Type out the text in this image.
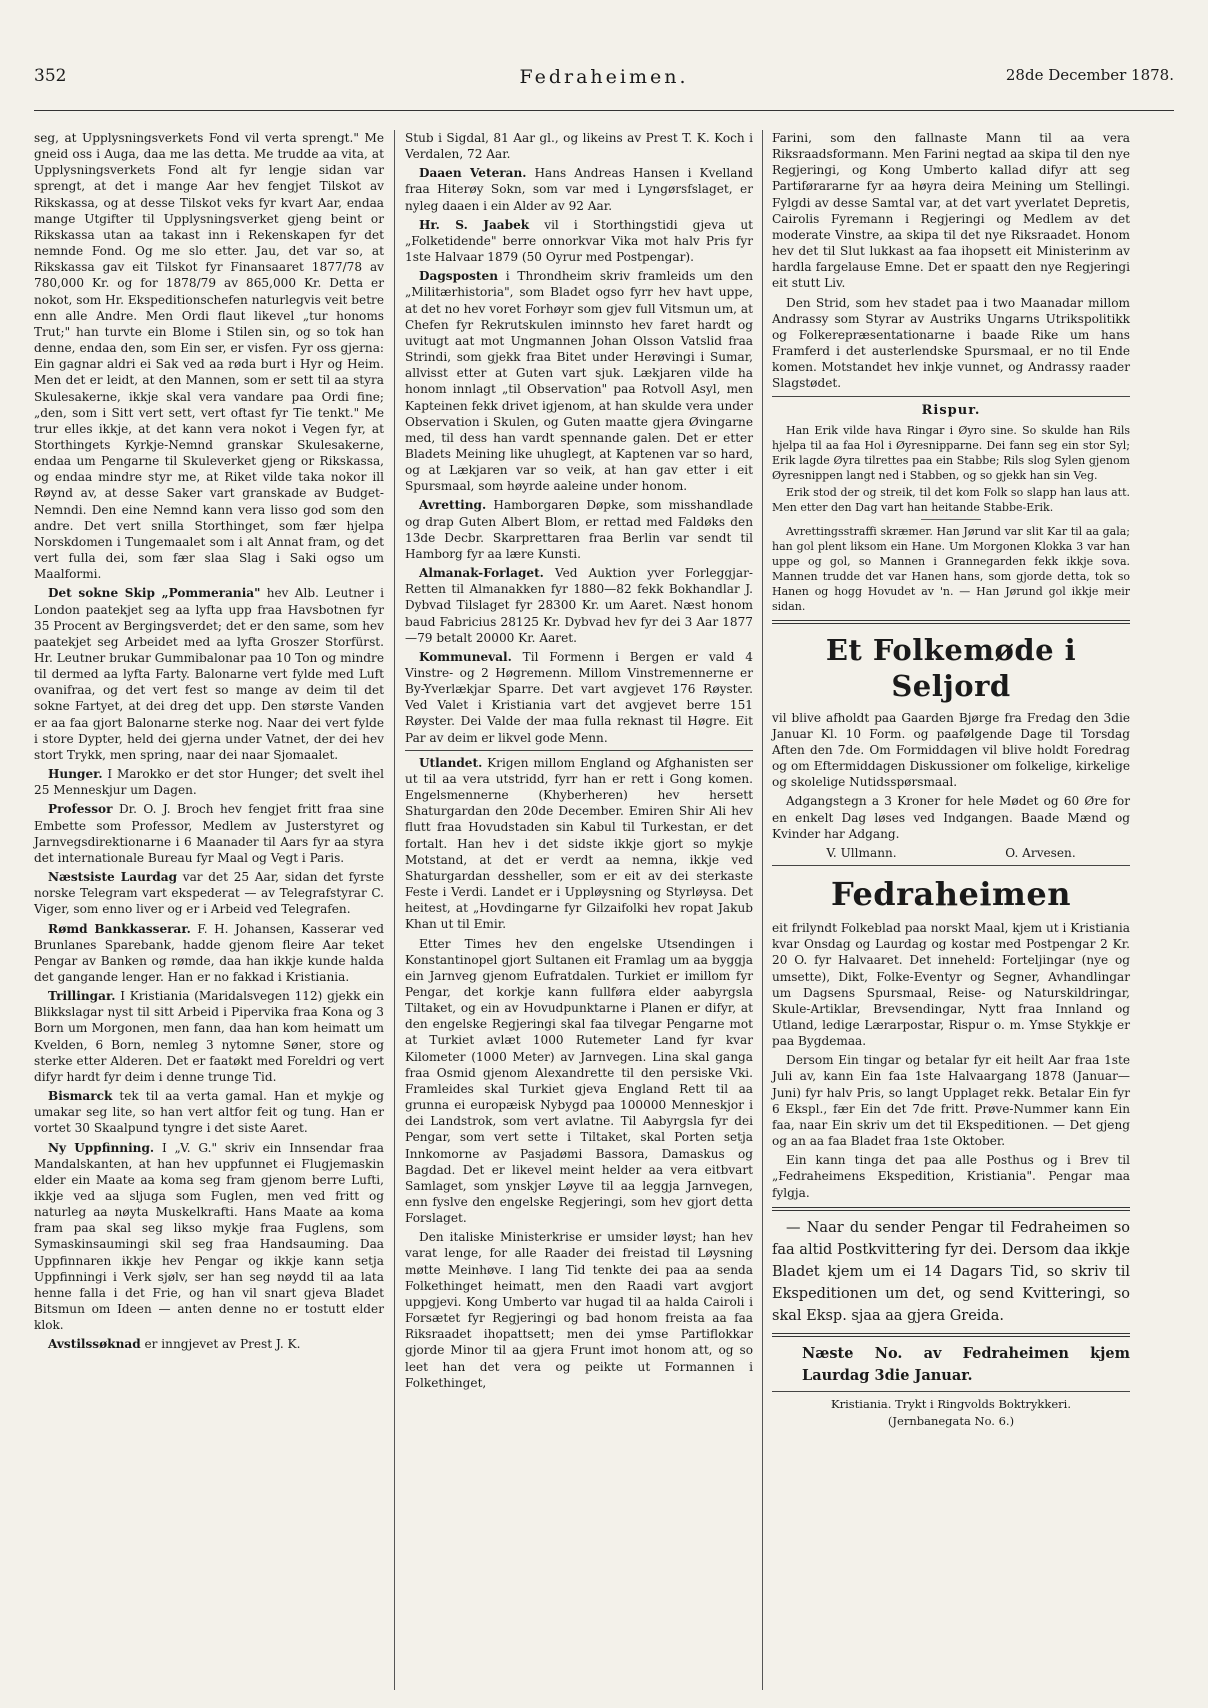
352	Fedraheimen.	28de December 1878.

seg, at Upplysningsverkets Fond vil verta sprengt." Me gneid oss i Auga, daa me las detta. Me trudde aa vita, at Upplysningsverkets Fond alt fyr lengje sidan var sprengt, at det i mange Aar hev fengjet Tilskot av Rikskassa, og at desse Tilskot veks fyr kvart Aar, endaa mange Utgifter til Upplysningsverket gjeng beint or Rikskassa utan aa takast inn i Rekenskapen fyr det nemnde Fond. Og me slo etter. Jau, det var so, at Rikskassa gav eit Tilskot fyr Finansaaret 1877/78 av 780,000 Kr. og for 1878/79 av 865,000 Kr. Detta er nokot, som Hr. Ekspeditionschefen naturlegvis veit betre enn alle Andre. Men Ordi flaut likevel „tur honoms Trut;" han turvte ein Blome i Stilen sin, og so tok han denne, endaa den, som Ein ser, er visfen. Fyr oss gjerna: Ein gagnar aldri ei Sak ved aa røda burt i Hyr og Heim. Men det er leidt, at den Mannen, som er sett til aa styra Skulesakerne, ikkje skal vera vandare paa Ordi fine; „den, som i Sitt vert sett, vert oftast fyr Tie tenkt." Me trur elles ikkje, at det kann vera nokot i Vegen fyr, at Storthingets Kyrkje-Nemnd granskar Skulesakerne, endaa um Pengarne til Skuleverket gjeng or Rikskassa, og endaa mindre styr me, at Riket vilde taka nokor ill Røynd av, at desse Saker vart granskade av Budget-Nemndi. Den eine Nemnd kann vera lisso god som den andre. Det vert snilla Storthinget, som fær hjelpa Norskdomen i Tungemaalet som i alt Annat fram, og det vert fulla dei, som fær slaa Slag i Saki ogso um Maalformi.

Det sokne Skip „Pommerania" hev Alb. Leutner i London paatekjet seg aa lyfta upp fraa Havsbotnen fyr 35 Procent av Bergingsverdet; det er den same, som hev paatekjet seg Arbeidet med aa lyfta Groszer Storfürst. Hr. Leutner brukar Gummibalonar paa 10 Ton og mindre til dermed aa lyfta Farty. Balonarne vert fylde med Luft ovanifraa, og det vert fest so mange av deim til det sokne Fartyet, at dei dreg det upp. Den største Vanden er aa faa gjort Balonarne sterke nog. Naar dei vert fylde i store Dypter, held dei gjerna under Vatnet, der dei hev stort Trykk, men spring, naar dei naar Sjomaalet.

Hunger. I Marokko er det stor Hunger; det svelt ihel 25 Menneskjur um Dagen.

Professor Dr. O. J. Broch hev fengjet fritt fraa sine Embette som Professor, Medlem av Justerstyret og Jarnvegsdirektionarne i 6 Maanader til Aars fyr aa styra det internationale Bureau fyr Maal og Vegt i Paris.

Næstsiste Laurdag var det 25 Aar, sidan det fyrste norske Telegram vart ekspederat — av Telegrafstyrar C. Viger, som enno liver og er i Arbeid ved Telegrafen.

Rømd Bankkasserar. F. H. Johansen, Kasserar ved Brunlanes Sparebank, hadde gjenom fleire Aar teket Pengar av Banken og rømde, daa han ikkje kunde halda det gangande lenger. Han er no fakkad i Kristiania.

Trillingar. I Kristiania (Maridalsvegen 112) gjekk ein Blikkslagar nyst til sitt Arbeid i Pipervika fraa Kona og 3 Born um Morgonen, men fann, daa han kom heimatt um Kvelden, 6 Born, nemleg 3 nytomne Søner, store og sterke etter Alderen. Det er faatøkt med Foreldri og vert difyr hardt fyr deim i denne trunge Tid.

Bismarck tek til aa verta gamal. Han et mykje og umakar seg lite, so han vert altfor feit og tung. Han er vortet 30 Skaalpund tyngre i det siste Aaret.

Ny Uppfinning. I „V. G." skriv ein Innsendar fraa Mandalskanten, at han hev uppfunnet ei Flugjemaskin elder ein Maate aa koma seg fram gjenom berre Lufti, ikkje ved aa sljuga som Fuglen, men ved fritt og naturleg aa nøyta Muskelkrafti. Hans Maate aa koma fram paa skal seg likso mykje fraa Fuglens, som Symaskinsaumingi skil seg fraa Handsauming. Daa Uppfinnaren ikkje hev Pengar og ikkje kann setja Uppfinningi i Verk sjølv, ser han seg nøydd til aa lata henne falla i det Frie, og han vil snart gjeva Bladet Bitsmun om Ideen — anten denne no er tostutt elder klok.

Avstilssøknad er inngjevet av Prest J. K.

Stub i Sigdal, 81 Aar gl., og likeins av Prest T. K. Koch i Verdalen, 72 Aar.

Daaen Veteran. Hans Andreas Hansen i Kvelland fraa Hiterøy Sokn, som var med i Lyngørsfslaget, er nyleg daaen i ein Alder av 92 Aar.

Hr. S. Jaabek vil i Storthingstidi gjeva ut „Folketidende" berre onnorkvar Vika mot halv Pris fyr 1ste Halvaar 1879 (50 Oyrur med Postpengar).

Dagsposten i Throndheim skriv framleids um den „Militærhistoria", som Bladet ogso fyrr hev havt uppe, at det no hev voret Forhøyr som gjev full Vitsmun um, at Chefen fyr Rekrutskulen iminnsto hev faret hardt og uvitugt aat mot Ungmannen Johan Olsson Vatslid fraa Strindi, som gjekk fraa Bitet under Herøvingi i Sumar, allvisst etter at Guten vart sjuk. Lækjaren vilde ha honom innlagt „til Observation" paa Rotvoll Asyl, men Kapteinen fekk drivet igjenom, at han skulde vera under Observation i Skulen, og Guten maatte gjera Øvingarne med, til dess han vardt spennande galen. Det er etter Bladets Meining like uhuglegt, at Kaptenen var so hard, og at Lækjaren var so veik, at han gav etter i eit Spursmaal, som høyrde aaleine under honom.

Avretting. Hamborgaren Døpke, som misshandlade og drap Guten Albert Blom, er rettad med Faldøks den 13de Decbr. Skarprettaren fraa Berlin var sendt til Hamborg fyr aa lære Kunsti.

Almanak-Forlaget. Ved Auktion yver Forleggjar-Retten til Almanakken fyr 1880—82 fekk Bokhandlar J. Dybvad Tilslaget fyr 28300 Kr. um Aaret. Næst honom baud Fabricius 28125 Kr. Dybvad hev fyr dei 3 Aar 1877—79 betalt 20000 Kr. Aaret.

Kommuneval. Til Formenn i Bergen er vald 4 Vinstre- og 2 Høgremenn. Millom Vinstremennerne er By-Yverlækjar Sparre. Det vart avgjevet 176 Røyster. Ved Valet i Kristiania vart det avgjevet berre 151 Røyster. Dei Valde der maa fulla reknast til Høgre. Eit Par av deim er likvel gode Menn.

Utlandet. Krigen millom England og Afghanisten ser ut til aa vera utstridd, fyrr han er rett i Gong komen. Engelsmennerne (Khyberheren) hev hersett Shaturgardan den 20de December. Emiren Shir Ali hev flutt fraa Hovudstaden sin Kabul til Turkestan, er det fortalt. Han hev i det sidste ikkje gjort so mykje Motstand, at det er verdt aa nemna, ikkje ved Shaturgardan dessheller, som er eit av dei sterkaste Feste i Verdi. Landet er i Uppløysning og Styrløysa. Det heitest, at „Hovdingarne fyr Gilzaifolki hev ropat Jakub Khan ut til Emir.

Etter Times hev den engelske Utsendingen i Konstantinopel gjort Sultanen eit Framlag um aa byggja ein Jarnveg gjenom Eufratdalen. Turkiet er imillom fyr Pengar, det korkje kann fullføra elder aabyrgsla Tiltaket, og ein av Hovudpunktarne i Planen er difyr, at den engelske Regjeringi skal faa tilvegar Pengarne mot at Turkiet avlæt 1000 Rutemeter Land fyr kvar Kilometer (1000 Meter) av Jarnvegen. Lina skal ganga fraa Osmid gjenom Alexandrette til den persiske Vki. Framleides skal Turkiet gjeva England Rett til aa grunna ei europæisk Nybygd paa 100000 Menneskjor i dei Landstrok, som vert avlatne. Til Aabyrgsla fyr dei Pengar, som vert sette i Tiltaket, skal Porten setja Innkomorne av Pasjadømi Bassora, Damaskus og Bagdad. Det er likevel meint helder aa vera eitbvart Samlaget, som ynskjer Løyve til aa leggja Jarnvegen, enn fyslve den engelske Regjeringi, som hev gjort detta Forslaget.

Den italiske Ministerkrise er umsider løyst; han hev varat lenge, for alle Raader dei freistad til Løysning møtte Meinhøve. I lang Tid tenkte dei paa aa senda Folkethinget heimatt, men den Raadi vart avgjort uppgjevi. Kong Umberto var hugad til aa halda Cairoli i Forsætet fyr Regjeringi og bad honom freista aa faa Riksraadet ihopattsett; men dei ymse Partiflokkar gjorde Minor til aa gjera Frunt imot honom att, og so leet han det vera og peikte ut Formannen i Folkethinget,

Farini, som den fallnaste Mann til aa vera Riksraadsformann. Men Farini negtad aa skipa til den nye Regjeringi, og Kong Umberto kallad difyr att seg Partiførararne fyr aa høyra deira Meining um Stellingi. Fylgdi av desse Samtal var, at det vart yverlatet Depretis, Cairolis Fyremann i Regjeringi og Medlem av det moderate Vinstre, aa skipa til det nye Riksraadet. Honom hev det til Slut lukkast aa faa ihopsett eit Ministerinm av hardla fargelause Emne. Det er spaatt den nye Regjeringi eit stutt Liv.

Den Strid, som hev stadet paa i two Maanadar millom Andrassy som Styrar av Austriks Ungarns Utrikspolitikk og Folkerepræsentationarne i baade Rike um hans Framferd i det austerlendske Spursmaal, er no til Ende komen. Motstandet hev inkje vunnet, og Andrassy raader Slagstødet.

Rispur.

Han Erik vilde hava Ringar i Øyro sine. So skulde han Rils hjelpa til aa faa Hol i Øyresnipparne. Dei fann seg ein stor Syl; Erik lagde Øyra tilrettes paa ein Stabbe; Rils slog Sylen gjenom Øyresnippen langt ned i Stabben, og so gjekk han sin Veg.

Erik stod der og streik, til det kom Folk so slapp han laus att. Men etter den Dag vart han heitande Stabbe-Erik.

Avrettingsstraffi skræmer. Han Jørund var slit Kar til aa gala; han gol plent liksom ein Hane. Um Morgonen Klokka 3 var han uppe og gol, so Mannen i Grannegarden fekk ikkje sova. Mannen trudde det var Hanen hans, som gjorde detta, tok so Hanen og hogg Hovudet av 'n. — Han Jørund gol ikkje meir sidan.

Et Folkemøde i Seljord

vil blive afholdt paa Gaarden Bjørge fra Fredag den 3die Januar Kl. 10 Form. og paafølgende Dage til Torsdag Aften den 7de. Om Formiddagen vil blive holdt Foredrag og om Eftermiddagen Diskussioner om folkelige, kirkelige og skolelige Nutidsspørsmaal.

Adgangstegn a 3 Kroner for hele Mødet og 60 Øre for en enkelt Dag løses ved Indgangen. Baade Mænd og Kvinder har Adgang.

V. Ullmann.	O. Arvesen.
Fedraheimen

eit frilyndt Folkeblad paa norskt Maal, kjem ut i Kristiania kvar Onsdag og Laurdag og kostar med Postpengar 2 Kr. 20 O. fyr Halvaaret. Det inneheld: Forteljingar (nye og umsette), Dikt, Folke-Eventyr og Segner, Avhandlingar um Dagsens Spursmaal, Reise- og Naturskildringar, Skule-Artiklar, Brevsendingar, Nytt fraa Innland og Utland, ledige Lærarpostar, Rispur o. m. Ymse Stykkje er paa Bygdemaa.

Dersom Ein tingar og betalar fyr eit heilt Aar fraa 1ste Juli av, kann Ein faa 1ste Halvaargang 1878 (Januar—Juni) fyr halv Pris, so langt Upplaget rekk. Betalar Ein fyr 6 Ekspl., fær Ein det 7de fritt. Prøve-Nummer kann Ein faa, naar Ein skriv um det til Ekspeditionen. — Det gjeng og an aa faa Bladet fraa 1ste Oktober.

Ein kann tinga det paa alle Posthus og i Brev til „Fedraheimens Ekspedition, Kristiania". Pengar maa fylgja.

— Naar du sender Pengar til Fedraheimen so faa altid Postkvittering fyr dei. Dersom daa ikkje Bladet kjem um ei 14 Dagars Tid, so skriv til Ekspeditionen um det, og send Kvitteringi, so skal Eksp. sjaa aa gjera Greida.

Næste No. av Fedraheimen kjem Laurdag 3die Januar.
Kristiania. Trykt i Ringvolds Boktrykkeri.
(Jernbanegata No. 6.)
